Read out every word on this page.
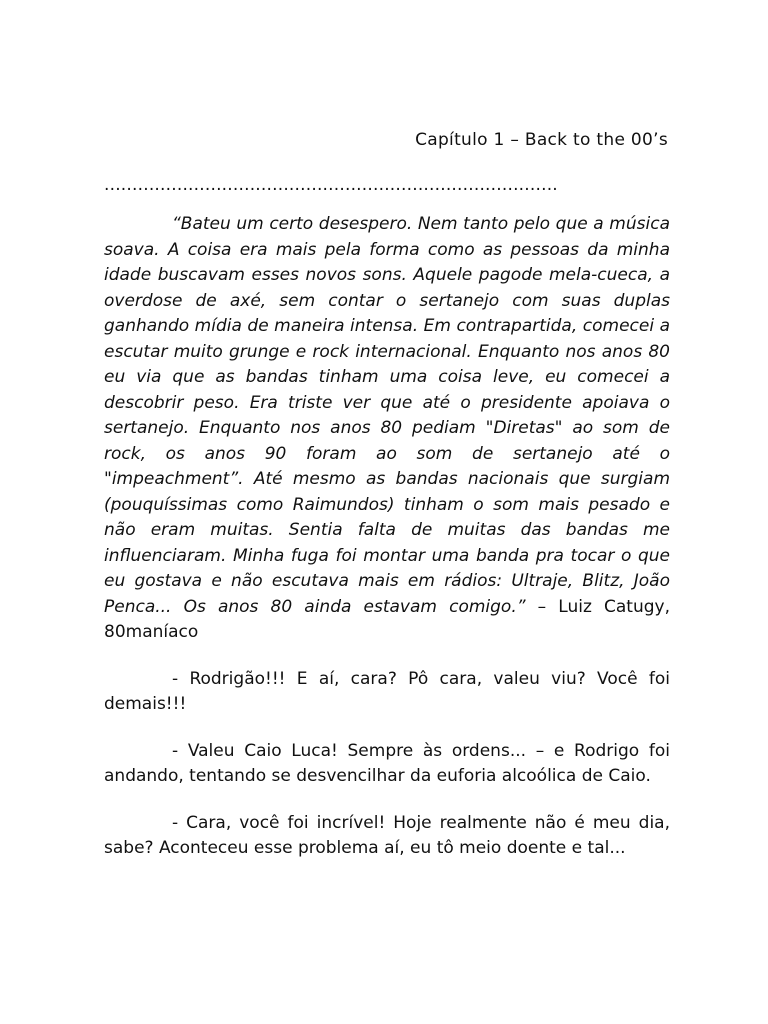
Capítulo 1 – Back to the 00’s
.................................................................................

“Bateu um certo desespero. Nem tanto pelo que a música soava. A coisa era mais pela forma como as pessoas da minha idade buscavam esses novos sons. Aquele pagode mela-cueca, a overdose de axé, sem contar o sertanejo com suas duplas ganhando mídia de maneira intensa. Em contrapartida, comecei a escutar muito grunge e rock internacional. Enquanto nos anos 80 eu via que as bandas tinham uma coisa leve, eu comecei a descobrir peso. Era triste ver que até o presidente apoiava o sertanejo. Enquanto nos anos 80 pediam "Diretas" ao som de rock, os anos 90 foram ao som de sertanejo até o "impeachment”. Até mesmo as bandas nacionais que surgiam (pouquíssimas como Raimundos) tinham o som mais pesado e não eram muitas. Sentia falta de muitas das bandas me influenciaram. Minha fuga foi montar uma banda pra tocar o que eu gostava e não escutava mais em rádios: Ultraje, Blitz, João Penca... Os anos 80 ainda estavam comigo.” – Luiz Catugy, 80maníaco

- Rodrigão!!! E aí, cara? Pô cara, valeu viu? Você foi demais!!!

- Valeu Caio Luca! Sempre às ordens... – e Rodrigo foi andando, tentando se desvencilhar da euforia alcoólica de Caio.

- Cara, você foi incrível! Hoje realmente não é meu dia, sabe? Aconteceu esse problema aí, eu tô meio doente e tal...
